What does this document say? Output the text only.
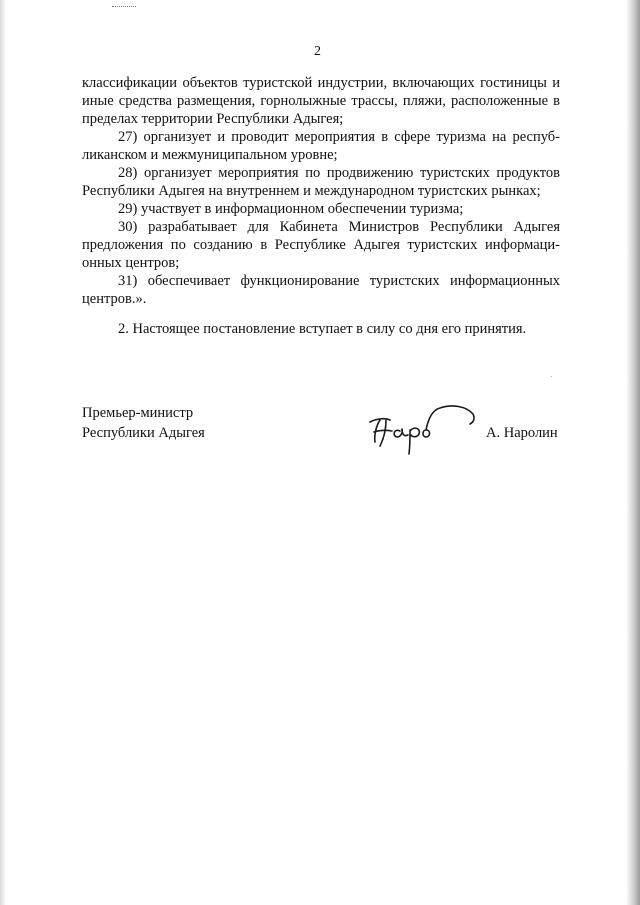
2
классификации объектов туристской индустрии, включающих гостиницы и
иные средства размещения, горнолыжные трассы, пляжи, расположенные в
пределах территории Республики Адыгея;
27) организует и проводит мероприятия в сфере туризма на респуб-
ликанском и межмуниципальном уровне;
28) организует мероприятия по продвижению туристских продуктов
Республики Адыгея на внутреннем и международном туристских рынках;
29) участвует в информационном обеспечении туризма;
30) разрабатывает для Кабинета Министров Республики Адыгея
предложения по созданию в Республике Адыгея туристских информаци-
онных центров;
31) обеспечивает функционирование туристских информационных
центров.».
2. Настоящее постановление вступает в силу со дня его принятия.
Премьер-министр
Республики Адыгея	А. Наролин
